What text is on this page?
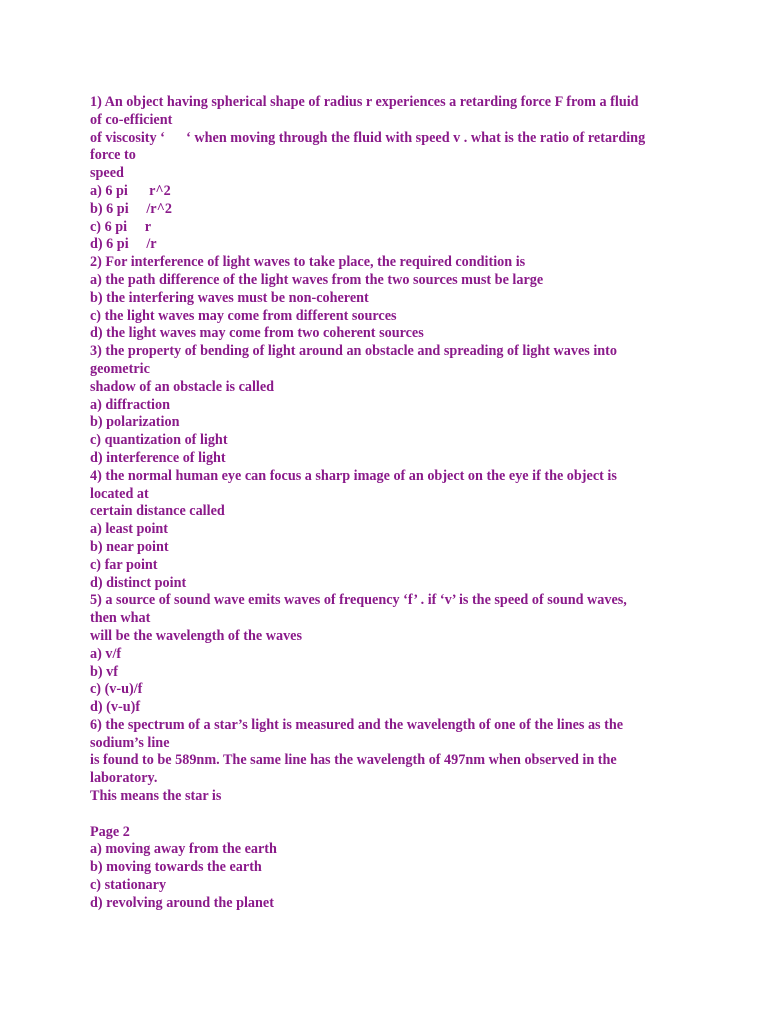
1) An object having spherical shape of radius r experiences a retarding force F from a fluid
of co-efficient
of viscosity ‘      ‘ when moving through the fluid with speed v . what is the ratio of retarding
force to
speed
a) 6 pi      r^2
b) 6 pi     /r^2
c) 6 pi     r
d) 6 pi     /r
2) For interference of light waves to take place, the required condition is
a) the path difference of the light waves from the two sources must be large
b) the interfering waves must be non-coherent
c) the light waves may come from different sources
d) the light waves may come from two coherent sources
3) the property of bending of light around an obstacle and spreading of light waves into
geometric
shadow of an obstacle is called
a) diffraction
b) polarization
c) quantization of light
d) interference of light
4) the normal human eye can focus a sharp image of an object on the eye if the object is
located at
certain distance called
a) least point
b) near point
c) far point
d) distinct point
5) a source of sound wave emits waves of frequency ‘f’ . if ‘v’ is the speed of sound waves,
then what
will be the wavelength of the waves
a) v/f
b) vf
c) (v-u)/f
d) (v-u)f
6) the spectrum of a star’s light is measured and the wavelength of one of the lines as the
sodium’s line
is found to be 589nm. The same line has the wavelength of 497nm when observed in the
laboratory.
This means the star is
Page 2
a) moving away from the earth
b) moving towards the earth
c) stationary
d) revolving around the planet
